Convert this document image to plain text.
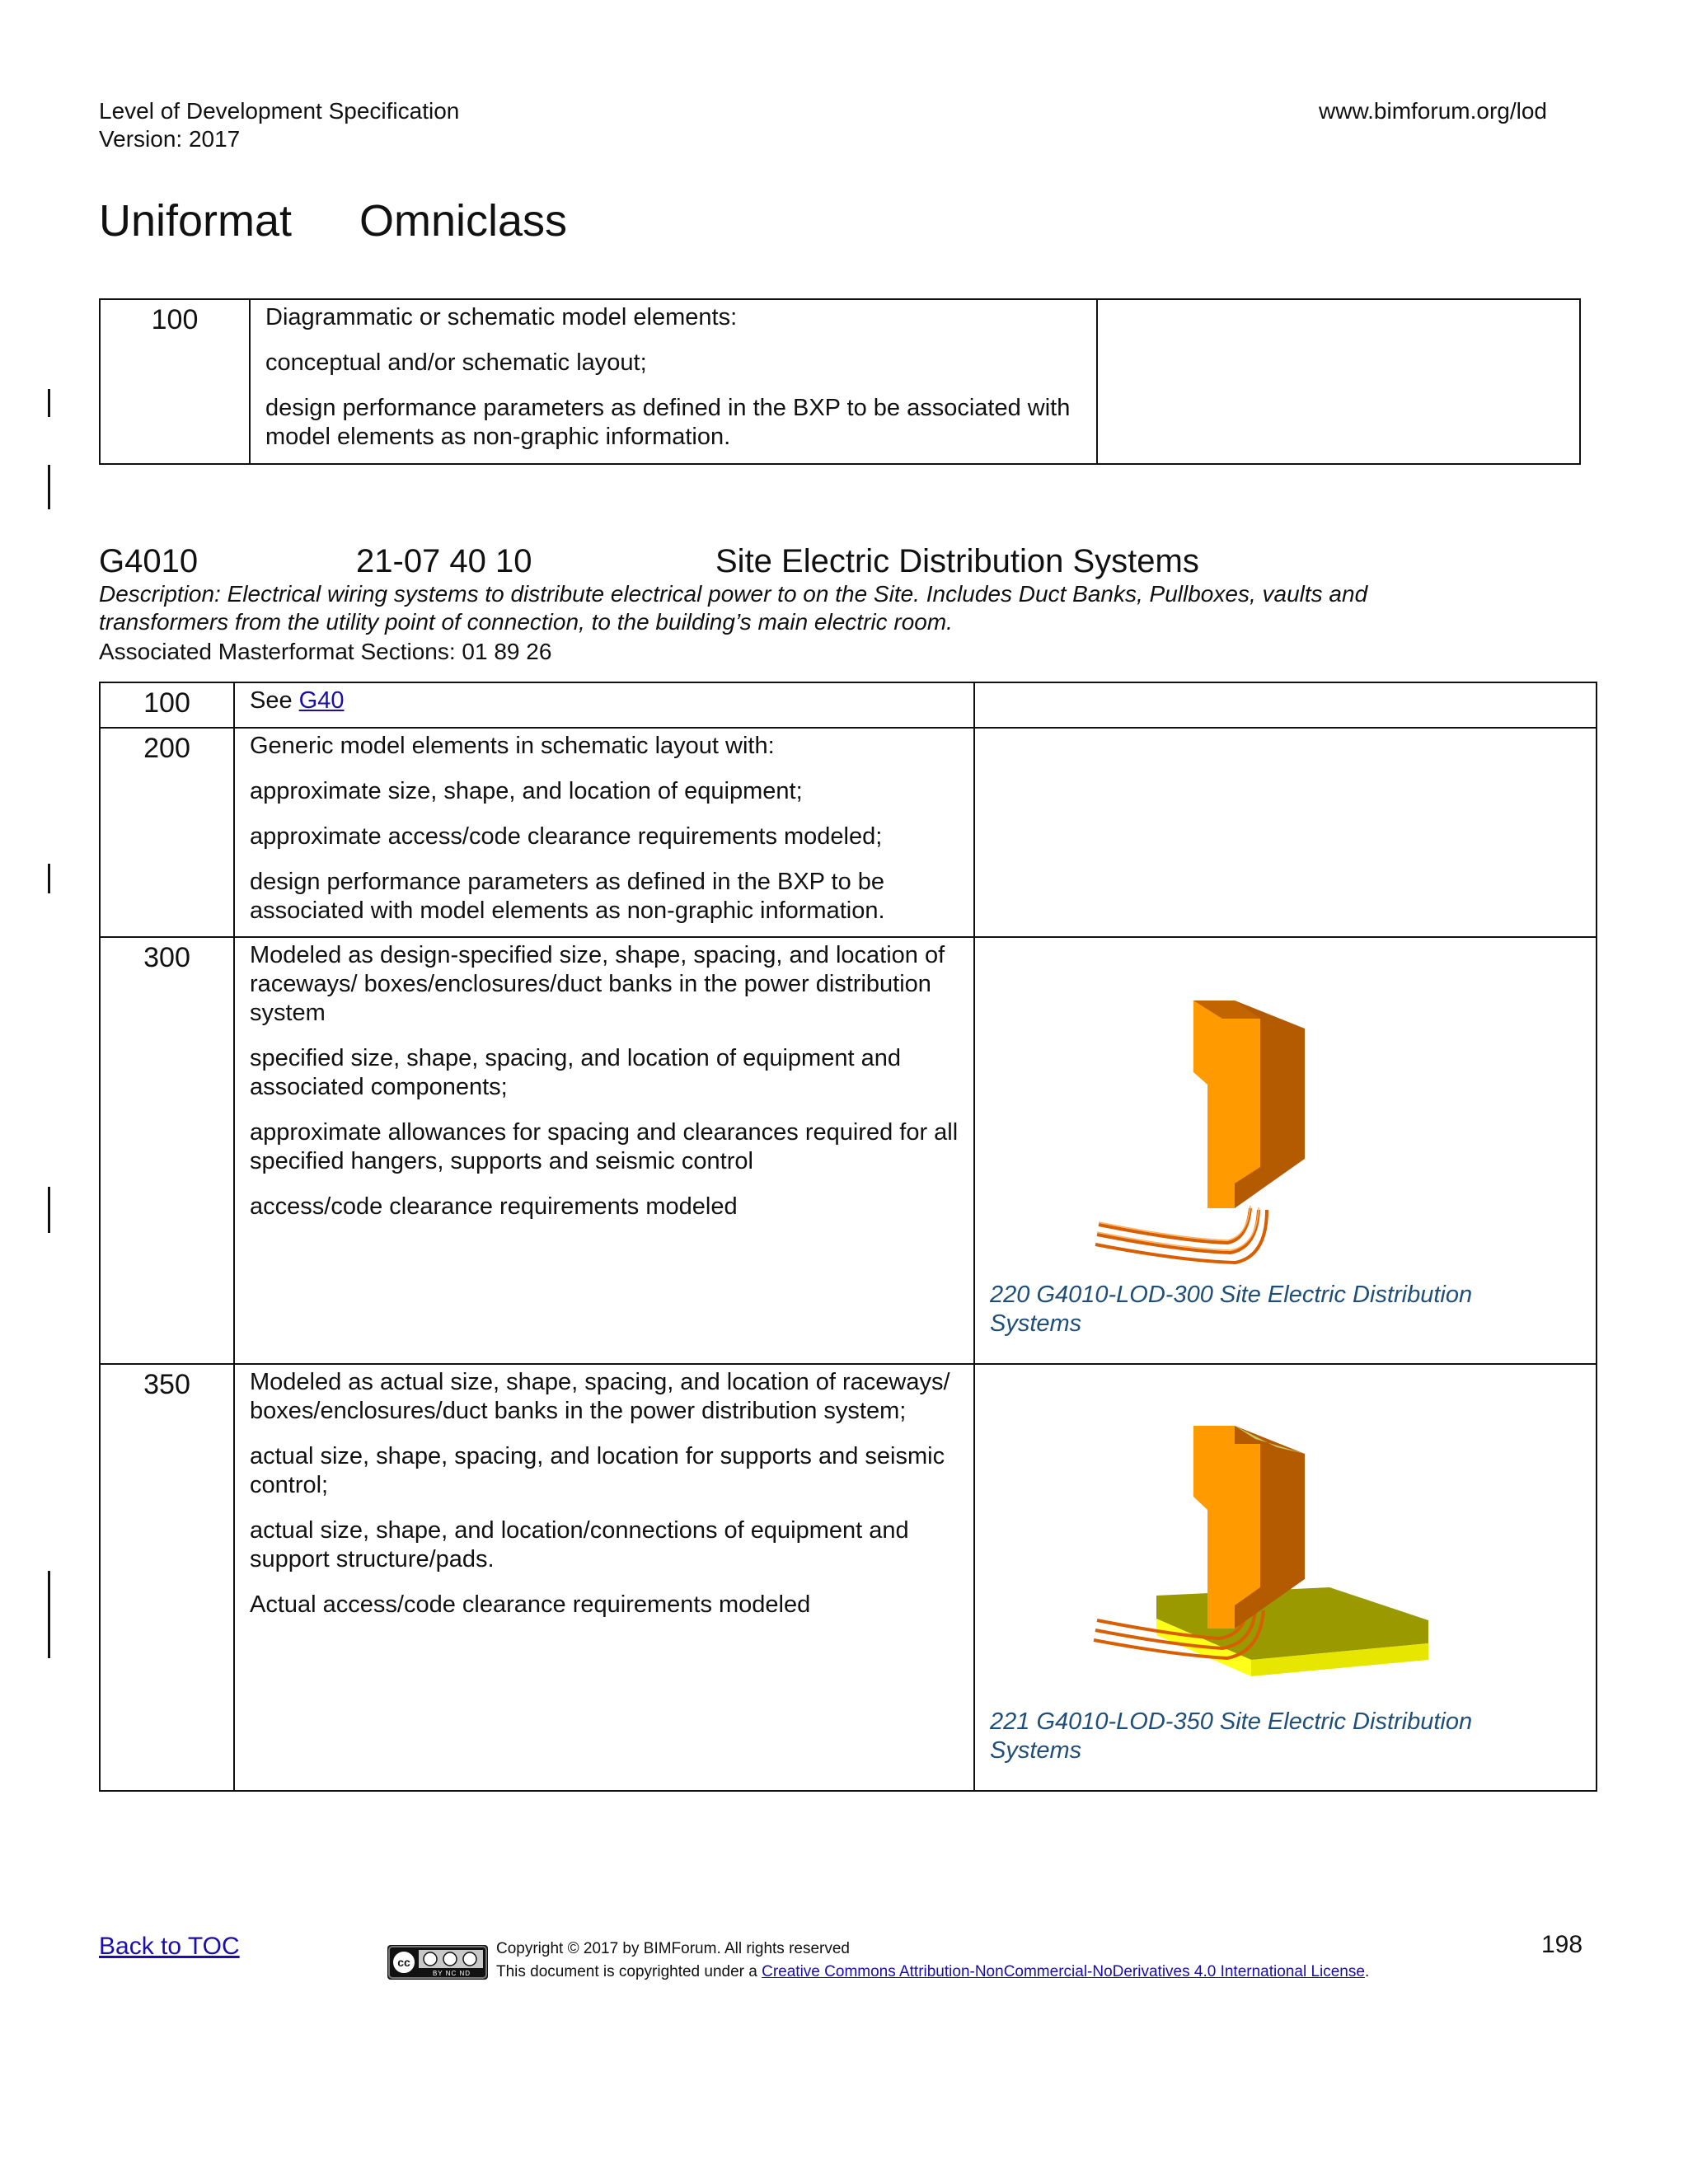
Level of Development Specification
Version: 2017
www.bimforum.org/lod
Uniformat Omniclass
100	Diagrammatic or schematic model elements:

conceptual and/or schematic layout;

design performance parameters as defined in the BXP to be associated with model elements as non-graphic information.

G4010	21-07 40 10	Site Electric Distribution Systems
Description: Electrical wiring systems to distribute electrical power to on the Site. Includes Duct Banks, Pullboxes, vaults and transformers from the utility point of connection, to the building’s main electric room.
Associated Masterformat Sections: 01 89 26
100	See G40	

200	Generic model elements in schematic layout with:

approximate size, shape, and location of equipment;

approximate access/code clearance requirements modeled;

design performance parameters as defined in the BXP to be associated with model elements as non-graphic information.	

300	Modeled as design-specified size, shape, spacing, and location of raceways/ boxes/enclosures/duct banks in the power distribution system

specified size, shape, spacing, and location of equipment and associated components;

approximate allowances for spacing and clearances required for all specified hangers, supports and seismic control

access/code clearance requirements modeled	220 G4010-LOD-300 Site Electric Distribution Systems

350	Modeled as actual size, shape, spacing, and location of raceways/ boxes/enclosures/duct banks in the power distribution system;

actual size, shape, spacing, and location for supports and seismic control;

actual size, shape, and location/connections of equipment and support structure/pads.

Actual access/code clearance requirements modeled	221 G4010-LOD-350 Site Electric Distribution Systems
Back to TOC
cc
BY NC ND
Copyright © 2017 by BIMForum. All rights reserved
This document is copyrighted under a Creative Commons Attribution-NonCommercial-NoDerivatives 4.0 International License.
198
